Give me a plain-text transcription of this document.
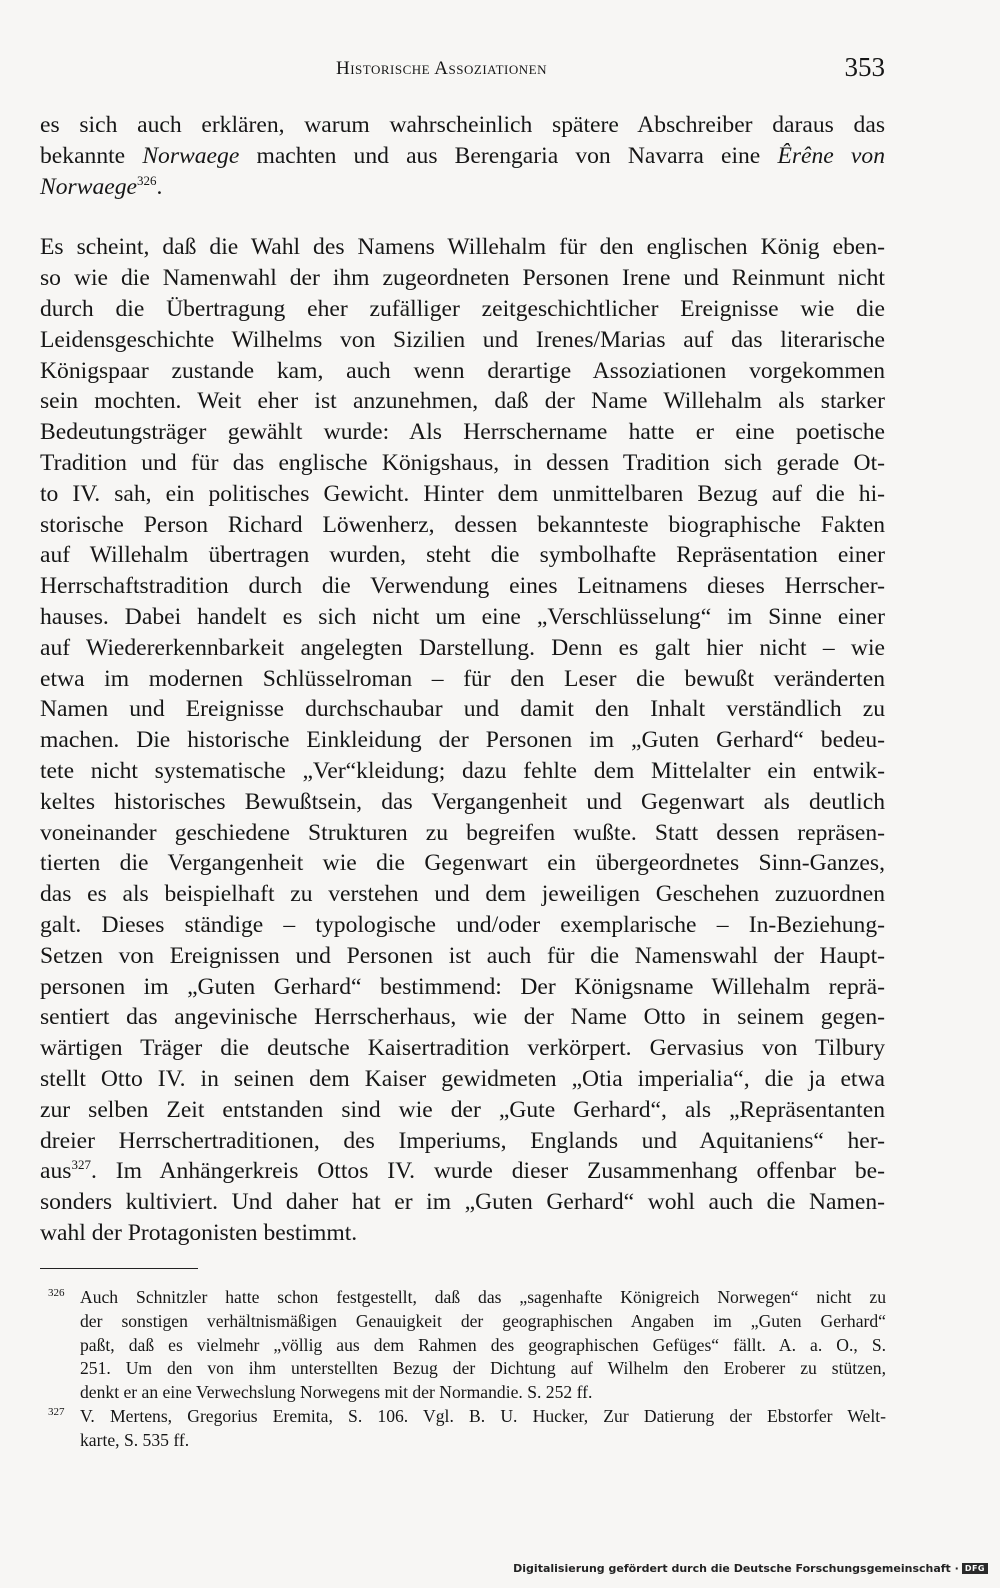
Historische Assoziationen	353
es sich auch erklären, warum wahrscheinlich spätere Abschreiber daraus das
bekannte Norwaege machten und aus Berengaria von Navarra eine Êrêne von
Norwaege$^{326}$.
Es scheint, daß die Wahl des Namens Willehalm für den englischen König eben-
so wie die Namenwahl der ihm zugeordneten Personen Irene und Reinmunt nicht
durch die Übertragung eher zufälliger zeitgeschichtlicher Ereignisse wie die
Leidensgeschichte Wilhelms von Sizilien und Irenes/Marias auf das literarische
Königspaar zustande kam, auch wenn derartige Assoziationen vorgekommen
sein mochten. Weit eher ist anzunehmen, daß der Name Willehalm als starker
Bedeutungsträger gewählt wurde: Als Herrschername hatte er eine poetische
Tradition und für das englische Königshaus, in dessen Tradition sich gerade Ot-
to IV. sah, ein politisches Gewicht. Hinter dem unmittelbaren Bezug auf die hi-
storische Person Richard Löwenherz, dessen bekannteste biographische Fakten
auf Willehalm übertragen wurden, steht die symbolhafte Repräsentation einer
Herrschaftstradition durch die Verwendung eines Leitnamens dieses Herrscher-
hauses. Dabei handelt es sich nicht um eine „Verschlüsselung“ im Sinne einer
auf Wiedererkennbarkeit angelegten Darstellung. Denn es galt hier nicht – wie
etwa im modernen Schlüsselroman – für den Leser die bewußt veränderten
Namen und Ereignisse durchschaubar und damit den Inhalt verständlich zu
machen. Die historische Einkleidung der Personen im „Guten Gerhard“ bedeu-
tete nicht systematische „Ver“kleidung; dazu fehlte dem Mittelalter ein entwik-
keltes historisches Bewußtsein, das Vergangenheit und Gegenwart als deutlich
voneinander geschiedene Strukturen zu begreifen wußte. Statt dessen repräsen-
tierten die Vergangenheit wie die Gegenwart ein übergeordnetes Sinn-Ganzes,
das es als beispielhaft zu verstehen und dem jeweiligen Geschehen zuzuordnen
galt. Dieses ständige – typologische und/oder exemplarische – In-Beziehung-
Setzen von Ereignissen und Personen ist auch für die Namenswahl der Haupt-
personen im „Guten Gerhard“ bestimmend: Der Königsname Willehalm reprä-
sentiert das angevinische Herrscherhaus, wie der Name Otto in seinem gegen-
wärtigen Träger die deutsche Kaisertradition verkörpert. Gervasius von Tilbury
stellt Otto IV. in seinen dem Kaiser gewidmeten „Otia imperialia“, die ja etwa
zur selben Zeit entstanden sind wie der „Gute Gerhard“, als „Repräsentanten
dreier Herrschertraditionen, des Imperiums, Englands und Aquitaniens“ her-
aus$^{327}$. Im Anhängerkreis Ottos IV. wurde dieser Zusammenhang offenbar be-
sonders kultiviert. Und daher hat er im „Guten Gerhard“ wohl auch die Namen-
wahl der Protagonisten bestimmt.
326 Auch Schnitzler hatte schon festgestellt, daß das „sagenhafte Königreich Norwegen“ nicht zu
der sonstigen verhältnismäßigen Genauigkeit der geographischen Angaben im „Guten Gerhard“
paßt, daß es vielmehr „völlig aus dem Rahmen des geographischen Gefüges“ fällt. A. a. O., S.
251. Um den von ihm unterstellten Bezug der Dichtung auf Wilhelm den Eroberer zu stützen,
denkt er an eine Verwechslung Norwegens mit der Normandie. S. 252 ff.
327 V. Mertens, Gregorius Eremita, S. 106. Vgl. B. U. Hucker, Zur Datierung der Ebstorfer Welt-
karte, S. 535 ff.
Digitalisierung gefördert durch die Deutsche Forschungsgemeinschaft · DFG
